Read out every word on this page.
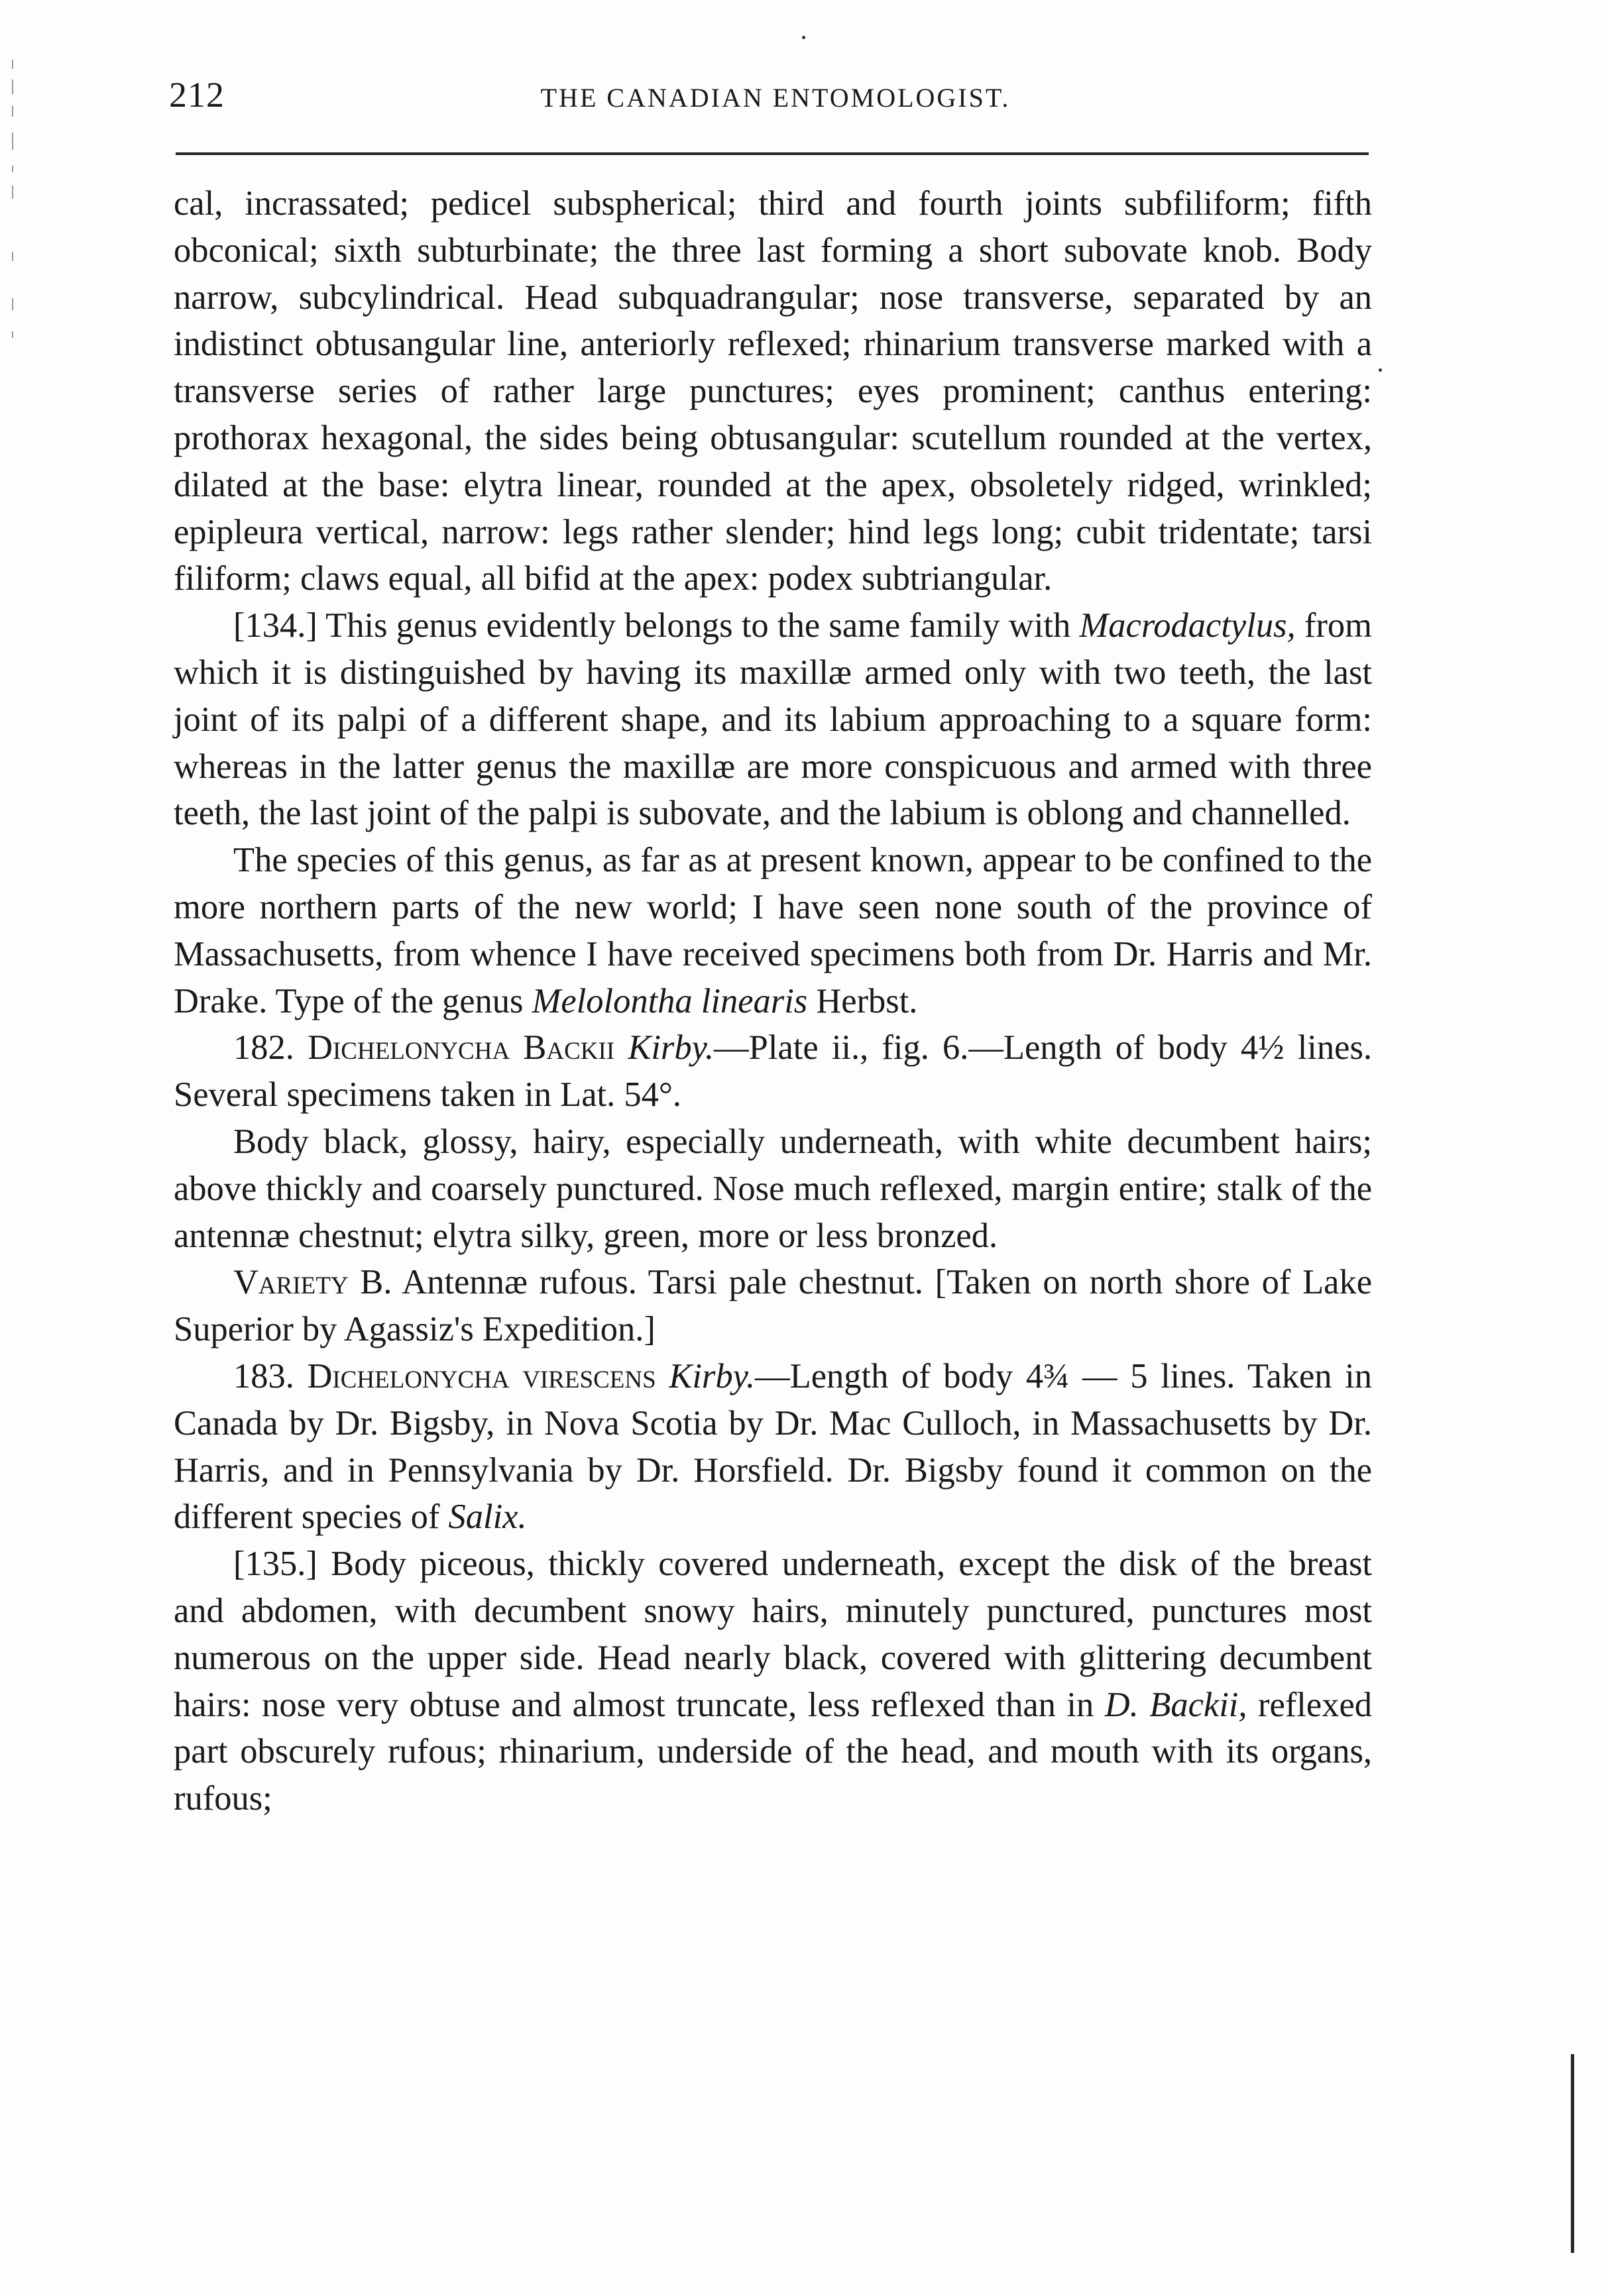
212	THE CANADIAN ENTOMOLOGIST.

cal, incrassated; pedicel subspherical; third and fourth joints subfiliform; fifth obconical; sixth subturbinate; the three last forming a short subovate knob. Body narrow, subcylindrical. Head subquadrangular; nose transverse, separated by an indistinct obtusangular line, anteriorly reflexed; rhinarium transverse marked with a transverse series of rather large punctures; eyes prominent; canthus entering: prothorax hexagonal, the sides being obtusangular: scutellum rounded at the vertex, dilated at the base: elytra linear, rounded at the apex, obsoletely ridged, wrinkled; epipleura vertical, narrow: legs rather slender; hind legs long; cubit tridentate; tarsi filiform; claws equal, all bifid at the apex: podex subtriangular.

[134.] This genus evidently belongs to the same family with Macrodactylus, from which it is distinguished by having its maxillæ armed only with two teeth, the last joint of its palpi of a different shape, and its labium approaching to a square form: whereas in the latter genus the maxillæ are more conspicuous and armed with three teeth, the last joint of the palpi is subovate, and the labium is oblong and channelled.

The species of this genus, as far as at present known, appear to be confined to the more northern parts of the new world; I have seen none south of the province of Massachusetts, from whence I have received specimens both from Dr. Harris and Mr. Drake. Type of the genus Melolontha linearis Herbst.

182. Dichelonycha Backii Kirby.—Plate ii., fig. 6.—Length of body 4½ lines. Several specimens taken in Lat. 54°.

Body black, glossy, hairy, especially underneath, with white decumbent hairs; above thickly and coarsely punctured. Nose much reflexed, margin entire; stalk of the antennæ chestnut; elytra silky, green, more or less bronzed.

Variety B. Antennæ rufous. Tarsi pale chestnut. [Taken on north shore of Lake Superior by Agassiz's Expedition.]

183. Dichelonycha virescens Kirby.—Length of body 4¾ — 5 lines. Taken in Canada by Dr. Bigsby, in Nova Scotia by Dr. Mac Culloch, in Massachusetts by Dr. Harris, and in Pennsylvania by Dr. Horsfield. Dr. Bigsby found it common on the different species of Salix.

[135.] Body piceous, thickly covered underneath, except the disk of the breast and abdomen, with decumbent snowy hairs, minutely punctured, punctures most numerous on the upper side. Head nearly black, covered with glittering decumbent hairs: nose very obtuse and almost truncate, less reflexed than in D. Backii, reflexed part obscurely rufous; rhinarium, underside of the head, and mouth with its organs, rufous;
